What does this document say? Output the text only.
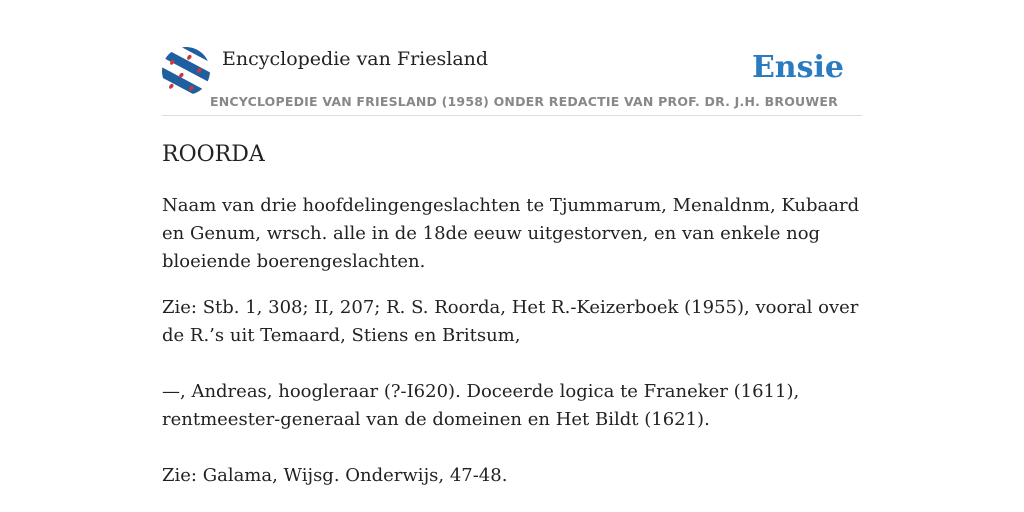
Encyclopedie van Friesland
ENCYCLOPEDIE VAN FRIESLAND (1958) ONDER REDACTIE VAN PROF. DR. J.H. BROUWER
Ensie
ROORDA

Naam van drie hoofdelingengeslachten te Tjummarum, Menaldnm, Kubaard en Genum, wrsch. alle in de 18de eeuw uitgestorven, en van enkele nog bloeiende boerengeslachten.

Zie: Stb. 1, 308; II, 207; R. S. Roorda, Het R.-Keizerboek (1955), vooral over de R.’s uit Temaard, Stiens en Britsum,

—, Andreas, hoogleraar (?-I620). Doceerde logica te Franeker (1611), rentmeester-generaal van de domeinen en Het Bildt (1621).

Zie: Galama, Wijsg. Onderwijs, 47-48.
